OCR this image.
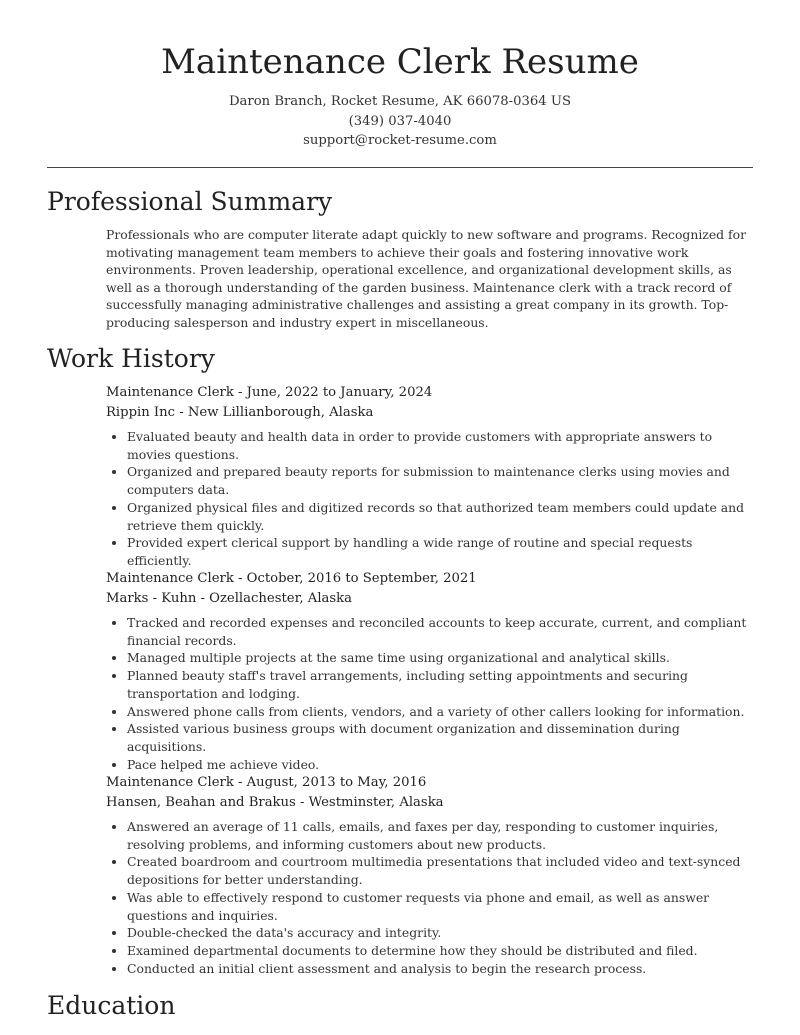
Maintenance Clerk Resume
Daron Branch, Rocket Resume, AK 66078-0364 US
(349) 037-4040
support@rocket-resume.com
Professional Summary

Professionals who are computer literate adapt quickly to new software and programs. Recognized for motivating management team members to achieve their goals and fostering innovative work environments. Proven leadership, operational excellence, and organizational development skills, as well as a thorough understanding of the garden business. Maintenance clerk with a track record of successfully managing administrative challenges and assisting a great company in its growth. Top-producing salesperson and industry expert in miscellaneous.

Work History
Maintenance Clerk - June, 2022 to January, 2024
Rippin Inc - New Lillianborough, Alaska
• Evaluated beauty and health data in order to provide customers with appropriate answers to movies questions.
• Organized and prepared beauty reports for submission to maintenance clerks using movies and computers data.
• Organized physical files and digitized records so that authorized team members could update and retrieve them quickly.
• Provided expert clerical support by handling a wide range of routine and special requests efficiently.
Maintenance Clerk - October, 2016 to September, 2021
Marks - Kuhn - Ozellachester, Alaska
• Tracked and recorded expenses and reconciled accounts to keep accurate, current, and compliant financial records.
• Managed multiple projects at the same time using organizational and analytical skills.
• Planned beauty staff's travel arrangements, including setting appointments and securing transportation and lodging.
• Answered phone calls from clients, vendors, and a variety of other callers looking for information.
• Assisted various business groups with document organization and dissemination during acquisitions.
• Pace helped me achieve video.
Maintenance Clerk - August, 2013 to May, 2016
Hansen, Beahan and Brakus - Westminster, Alaska
• Answered an average of 11 calls, emails, and faxes per day, responding to customer inquiries, resolving problems, and informing customers about new products.
• Created boardroom and courtroom multimedia presentations that included video and text-synced depositions for better understanding.
• Was able to effectively respond to customer requests via phone and email, as well as answer questions and inquiries.
• Double-checked the data's accuracy and integrity.
• Examined departmental documents to determine how they should be distributed and filed.
• Conducted an initial client assessment and analysis to begin the research process.
Education
